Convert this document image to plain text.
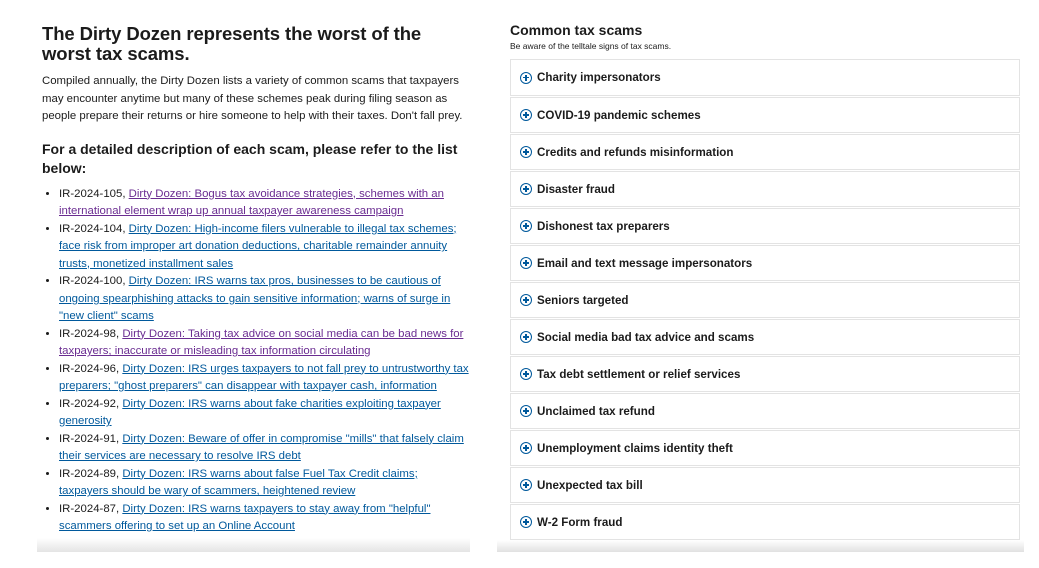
The Dirty Dozen represents the worst of the worst tax scams.

Compiled annually, the Dirty Dozen lists a variety of common scams that taxpayers may encounter anytime but many of these schemes peak during filing season as people prepare their returns or hire someone to help with their taxes. Don't fall prey.

For a detailed description of each scam, please refer to the list below:
• IR-2024-105, Dirty Dozen: Bogus tax avoidance strategies, schemes with an international element wrap up annual taxpayer awareness campaign
• IR-2024-104, Dirty Dozen: High-income filers vulnerable to illegal tax schemes; face risk from improper art donation deductions, charitable remainder annuity trusts, monetized installment sales
• IR-2024-100, Dirty Dozen: IRS warns tax pros, businesses to be cautious of ongoing spearphishing attacks to gain sensitive information; warns of surge in "new client" scams
• IR-2024-98, Dirty Dozen: Taking tax advice on social media can be bad news for taxpayers; inaccurate or misleading tax information circulating
• IR-2024-96, Dirty Dozen: IRS urges taxpayers to not fall prey to untrustworthy tax preparers; "ghost preparers" can disappear with taxpayer cash, information
• IR-2024-92, Dirty Dozen: IRS warns about fake charities exploiting taxpayer generosity
• IR-2024-91, Dirty Dozen: Beware of offer in compromise "mills" that falsely claim their services are necessary to resolve IRS debt
• IR-2024-89, Dirty Dozen: IRS warns about false Fuel Tax Credit claims; taxpayers should be wary of scammers, heightened review
• IR-2024-87, Dirty Dozen: IRS warns taxpayers to stay away from "helpful" scammers offering to set up an Online Account
Common tax scams
Be aware of the telltale signs of tax scams.
Charity impersonators
COVID-19 pandemic schemes
Credits and refunds misinformation
Disaster fraud
Dishonest tax preparers
Email and text message impersonators
Seniors targeted
Social media bad tax advice and scams
Tax debt settlement or relief services
Unclaimed tax refund
Unemployment claims identity theft
Unexpected tax bill
W-2 Form fraud
